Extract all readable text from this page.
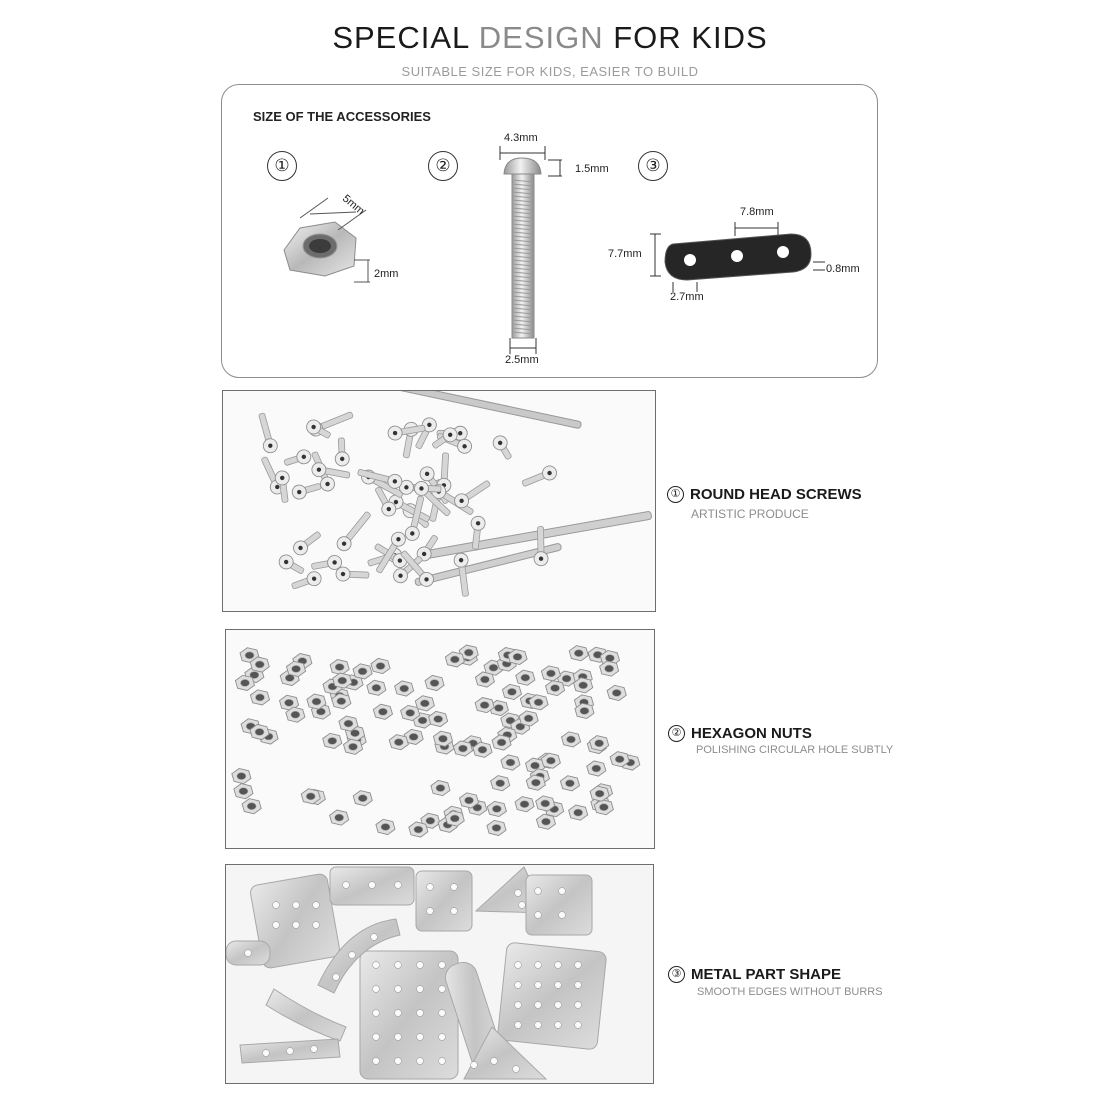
SPECIAL DESIGN FOR KIDS
SUITABLE SIZE FOR KIDS, EASIER TO BUILD
SIZE OF THE ACCESSORIES
①
5mm
2mm
②
4.3mm
1.5mm
2.5mm
③
7.8mm
7.7mm
0.8mm
2.7mm
① ROUND HEAD SCREWS
ARTISTIC PRODUCE
② HEXAGON NUTS
POLISHING CIRCULAR HOLE SUBTLY
③ METAL PART SHAPE
SMOOTH EDGES WITHOUT BURRS
